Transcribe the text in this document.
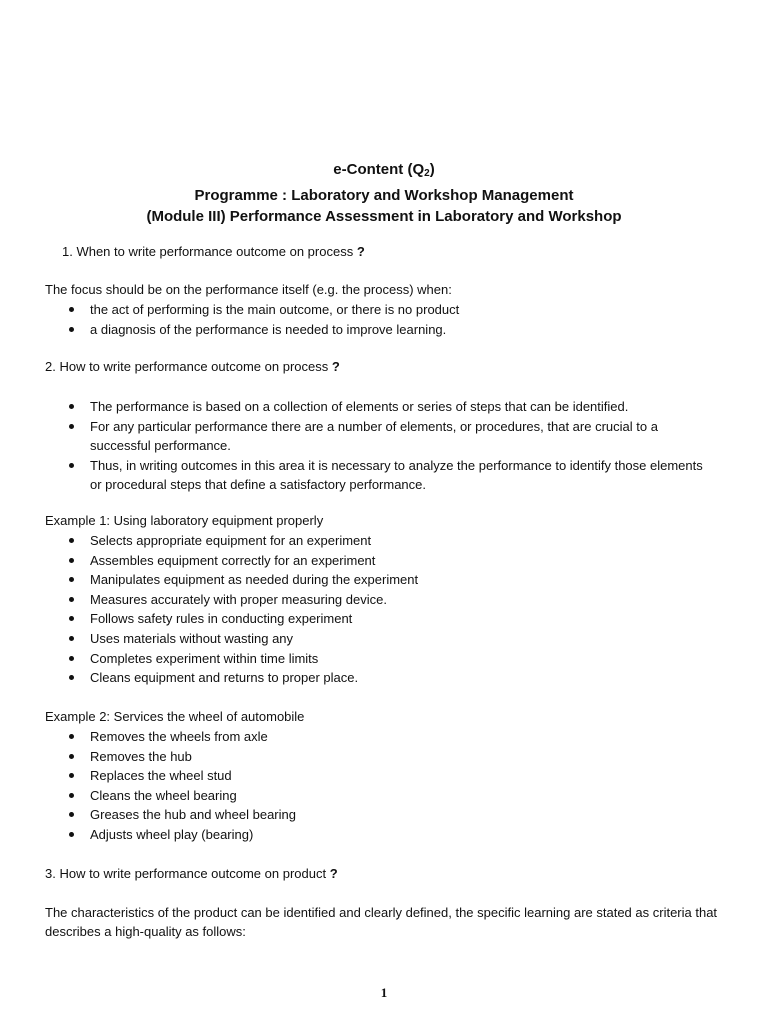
e-Content $(Q_2)$
Programme : Laboratory and Workshop Management
(Module III) Performance Assessment in Laboratory and Workshop
1. When to write performance outcome on process ?
The focus should be on the performance itself (e.g. the process) when:
the act of performing is the main outcome, or there is no product
a diagnosis of the performance is needed to improve learning.
2. How to write performance outcome on process ?
The performance is based on a collection of elements or series of steps that can be identified.
For any particular performance there are a number of elements, or procedures, that are crucial to a successful performance.
Thus, in writing outcomes in this area it is necessary to analyze the performance to identify those elements or procedural steps that define a satisfactory performance.
Example 1: Using laboratory equipment properly
Selects appropriate equipment for an experiment
Assembles equipment correctly for an experiment
Manipulates equipment as needed during the experiment
Measures accurately with proper measuring device.
Follows safety rules in conducting experiment
Uses materials without wasting any
Completes experiment within time limits
Cleans equipment and returns to proper place.
Example 2: Services the wheel of automobile
Removes the wheels from axle
Removes the hub
Replaces the wheel stud
Cleans the wheel bearing
Greases the hub and wheel bearing
Adjusts wheel play (bearing)
3. How to write performance outcome on product ?
The characteristics of the product can be identified and clearly defined, the specific learning are stated as criteria that describes a high-quality as follows:
1
